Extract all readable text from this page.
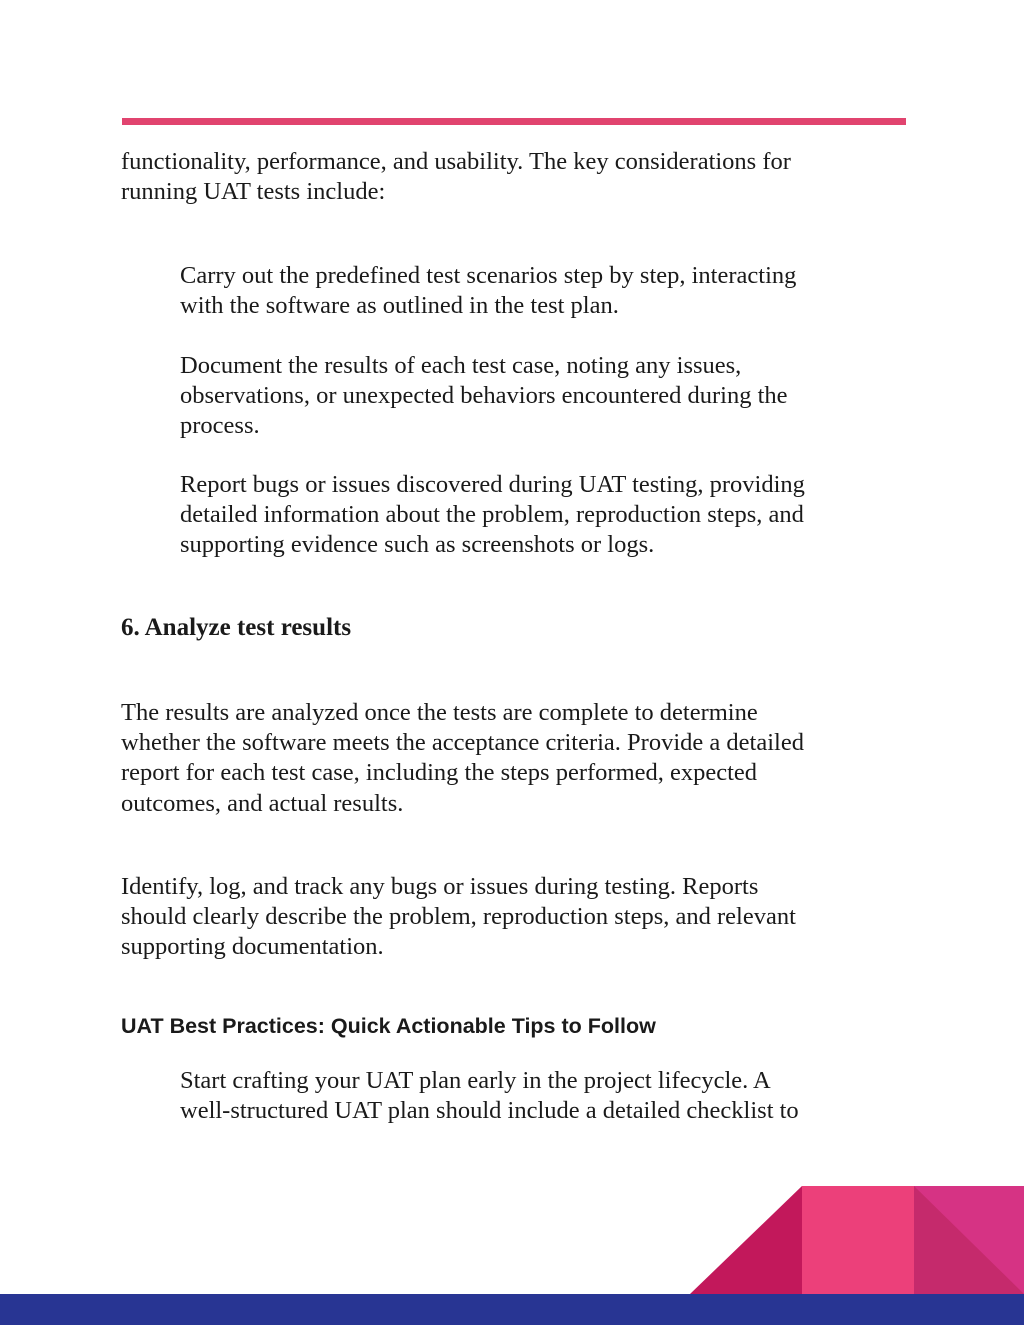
functionality, performance, and usability. The key considerations for
running UAT tests include:

Carry out the predefined test scenarios step by step, interacting
with the software as outlined in the test plan.

Document the results of each test case, noting any issues,
observations, or unexpected behaviors encountered during the
process.

Report bugs or issues discovered during UAT testing, providing
detailed information about the problem, reproduction steps, and
supporting evidence such as screenshots or logs.

6. Analyze test results

The results are analyzed once the tests are complete to determine
whether the software meets the acceptance criteria. Provide a detailed
report for each test case, including the steps performed, expected
outcomes, and actual results.

Identify, log, and track any bugs or issues during testing. Reports
should clearly describe the problem, reproduction steps, and relevant
supporting documentation.

UAT Best Practices: Quick Actionable Tips to Follow

Start crafting your UAT plan early in the project lifecycle. A
well-structured UAT plan should include a detailed checklist to
